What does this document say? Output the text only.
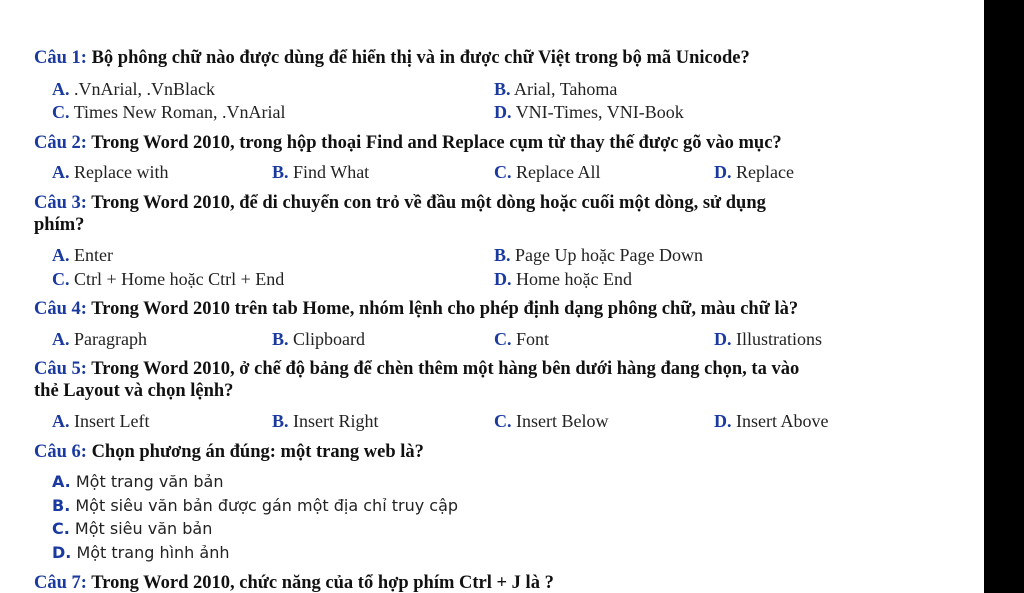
Câu 1: Bộ phông chữ nào được dùng để hiển thị và in được chữ Việt trong bộ mã Unicode?
A. .VnArial, .VnBlack	B. Arial, Tahoma
C. Times New Roman, .VnArial	D. VNI-Times, VNI-Book
Câu 2: Trong Word 2010, trong hộp thoại Find and Replace cụm từ thay thế được gõ vào mục?
A. Replace with	B. Find What	C. Replace All	D. Replace
Câu 3: Trong Word 2010, để di chuyển con trỏ về đầu một dòng hoặc cuối một dòng, sử dụng
phím?
A. Enter	B. Page Up hoặc Page Down
C. Ctrl + Home hoặc Ctrl + End	D. Home hoặc End
Câu 4: Trong Word 2010 trên tab Home, nhóm lệnh cho phép định dạng phông chữ, màu chữ là?
A. Paragraph	B. Clipboard	C. Font	D. Illustrations
Câu 5: Trong Word 2010, ở chế độ bảng để chèn thêm một hàng bên dưới hàng đang chọn, ta vào
thẻ Layout và chọn lệnh?
A. Insert Left	B. Insert Right	C. Insert Below	D. Insert Above
Câu 6: Chọn phương án đúng: một trang web là?
A. Một trang văn bản
B. Một siêu văn bản được gán một địa chỉ truy cập
C. Một siêu văn bản
D. Một trang hình ảnh
Câu 7: Trong Word 2010, chức năng của tổ hợp phím Ctrl + J là ?
